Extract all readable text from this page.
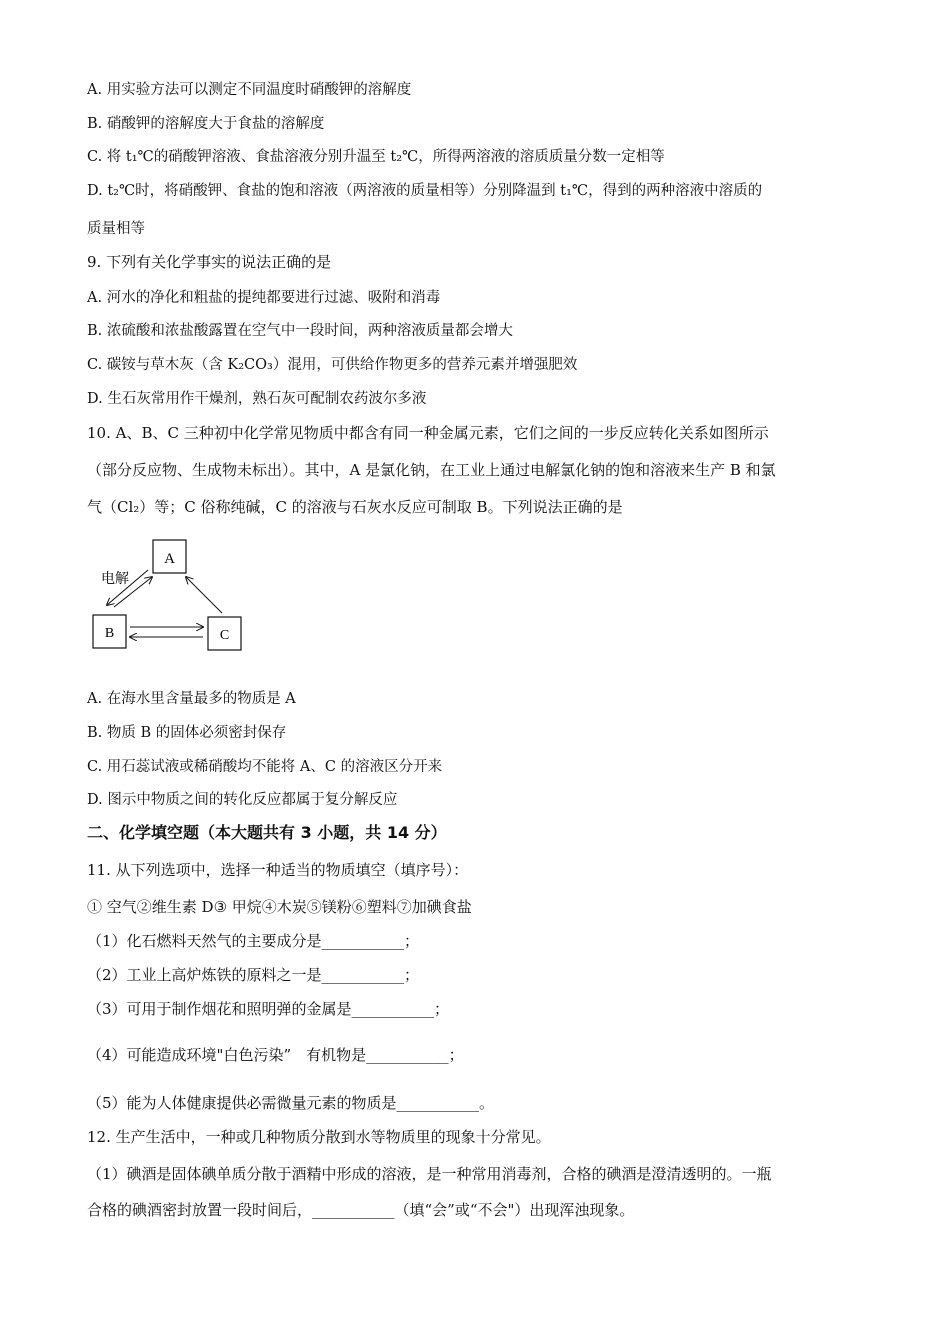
A. 用实验方法可以测定不同温度时硝酸钾的溶解度
B. 硝酸钾的溶解度大于食盐的溶解度
C. 将 t₁℃的硝酸钾溶液、食盐溶液分别升温至 t₂℃，所得两溶液的溶质质量分数一定相等
D. t₂℃时，将硝酸钾、食盐的饱和溶液（两溶液的质量相等）分别降温到 t₁℃，得到的两种溶液中溶质的
质量相等
9. 下列有关化学事实的说法正确的是
A. 河水的净化和粗盐的提纯都要进行过滤、吸附和消毒
B. 浓硫酸和浓盐酸露置在空气中一段时间，两种溶液质量都会增大
C. 碳铵与草木灰（含 K₂CO₃）混用，可供给作物更多的营养元素并增强肥效
D. 生石灰常用作干燥剂，熟石灰可配制农药波尔多液
10. A、B、C 三种初中化学常见物质中都含有同一种金属元素，它们之间的一步反应转化关系如图所示
（部分反应物、生成物未标出）。其中，A 是氯化钠，在工业上通过电解氯化钠的饱和溶液来生产 B 和氯
气（Cl₂）等；C 俗称纯碱，C 的溶液与石灰水反应可制取 B。下列说法正确的是
A
B	C
电解
A. 在海水里含量最多的物质是 A
B. 物质 B 的固体必须密封保存
C. 用石蕊试液或稀硝酸均不能将 A、C 的溶液区分开来
D. 图示中物质之间的转化反应都属于复分解反应
二、化学填空题（本大题共有 3 小题，共 14 分）
11. 从下列选项中，选择一种适当的物质填空（填序号）：
① 空气②维生素 D③ 甲烷④木炭⑤镁粉⑥塑料⑦加碘食盐
（1）化石燃料天然气的主要成分是___________；
（2）工业上高炉炼铁的原料之一是___________；
（3）可用于制作烟花和照明弹的金属是___________；
（4）可能造成环境"白色污染”　有机物是___________；
（5）能为人体健康提供必需微量元素的物质是___________。
12. 生产生活中，一种或几种物质分散到水等物质里的现象十分常见。
（1）碘酒是固体碘单质分散于酒精中形成的溶液，是一种常用消毒剂，合格的碘酒是澄清透明的。一瓶
合格的碘酒密封放置一段时间后，___________（填“会”或“不会"）出现浑浊现象。
